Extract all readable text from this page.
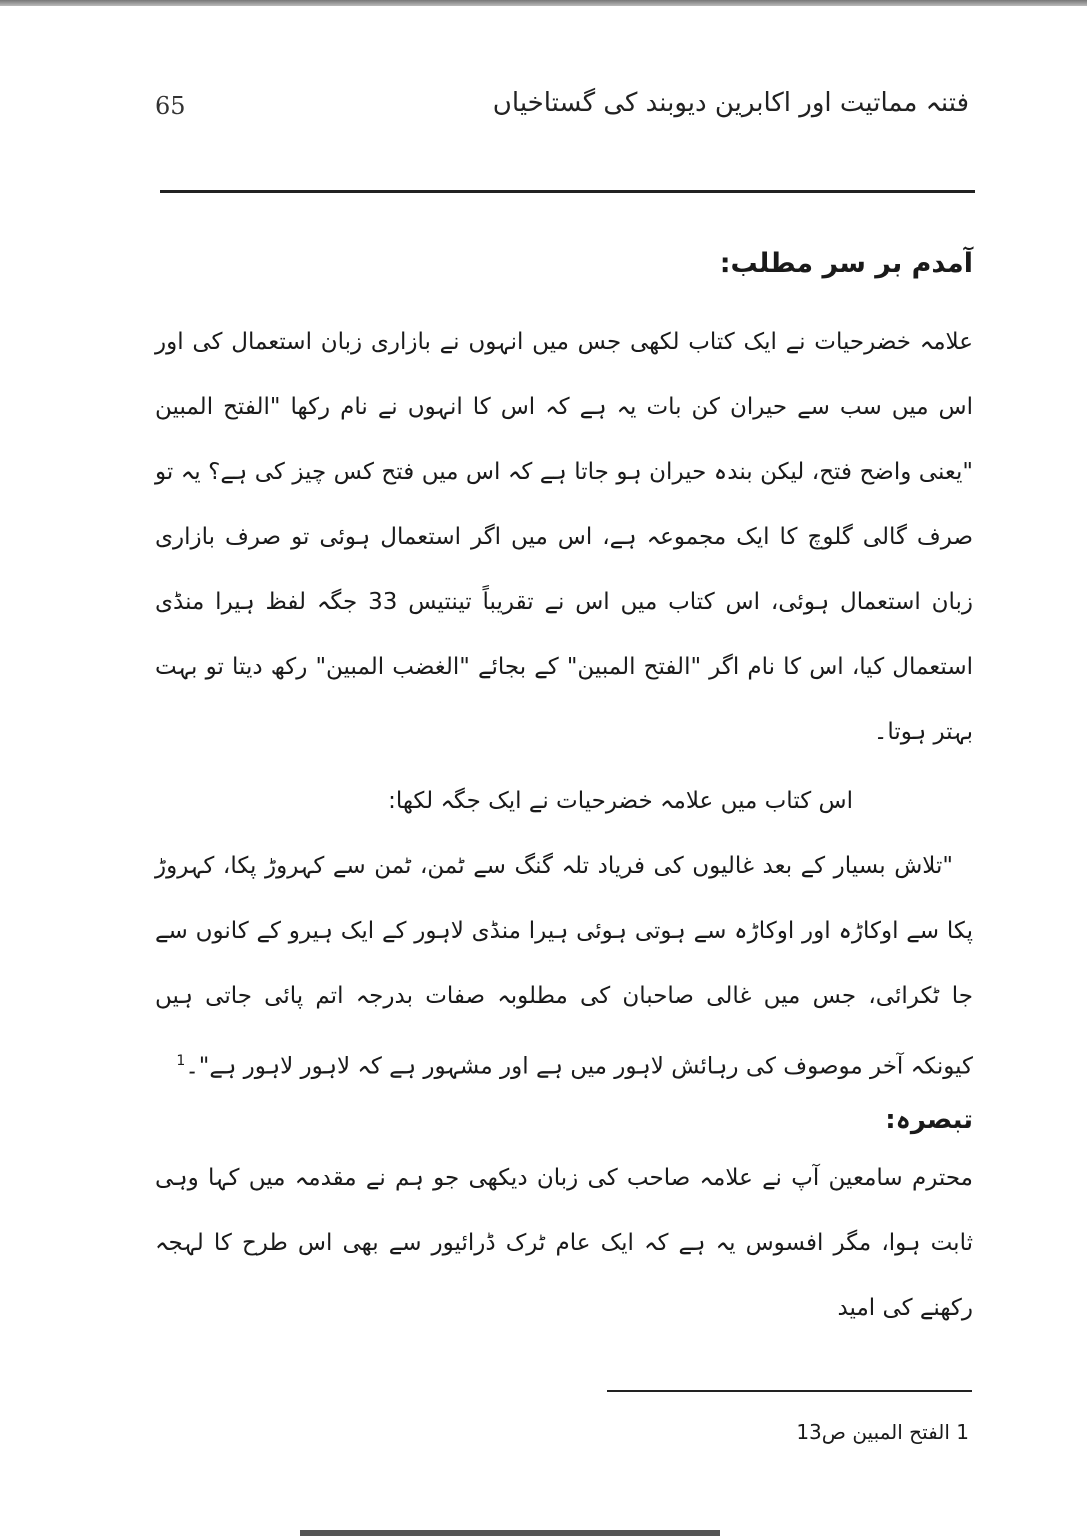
65	فتنہ مماتیت اور اکابرین دیوبند کی گستاخیاں
آمدم بر سر مطلب:

علامہ خضرحیات نے ایک کتاب لکھی جس میں انہوں نے بازاری زبان استعمال کی اور اس میں سب سے حیران کن بات یہ ہے کہ اس کا انہوں نے نام رکھا "الفتح المبین "یعنی واضح فتح، لیکن بندہ حیران ہو جاتا ہے کہ اس میں فتح کس چیز کی ہے؟ یہ تو صرف گالی گلوچ کا ایک مجموعہ ہے، اس میں اگر استعمال ہوئی تو صرف بازاری زبان استعمال ہوئی، اس کتاب میں اس نے تقریباً تینتیس 33 جگہ لفظ ہیرا منڈی استعمال کیا، اس کا نام اگر "الفتح المبین" کے بجائے "الغضب المبین" رکھ دیتا تو بہت بہتر ہوتا۔

اس کتاب میں علامہ خضرحیات نے ایک جگہ لکھا:

"تلاش بسیار کے بعد غالیوں کی فریاد تلہ گنگ سے ٹمن، ٹمن سے کہروڑ پکا، کہروڑ پکا سے اوکاڑہ اور اوکاڑہ سے ہوتی ہوئی ہیرا منڈی لاہور کے ایک ہیرو کے کانوں سے جا ٹکرائی، جس میں غالی صاحبان کی مطلوبہ صفات بدرجہ اتم پائی جاتی ہیں کیونکہ آخر موصوف کی رہائش لاہور میں ہے اور مشہور ہے کہ لاہور لاہور ہے"۔$^1$

تبصرہ:

محترم سامعین آپ نے علامہ صاحب کی زبان دیکھی جو ہم نے مقدمہ میں کہا وہی ثابت ہوا، مگر افسوس یہ ہے کہ ایک عام ٹرک ڈرائیور سے بھی اس طرح کا لہجہ رکھنے کی امید

1 الفتح المبین ص13
